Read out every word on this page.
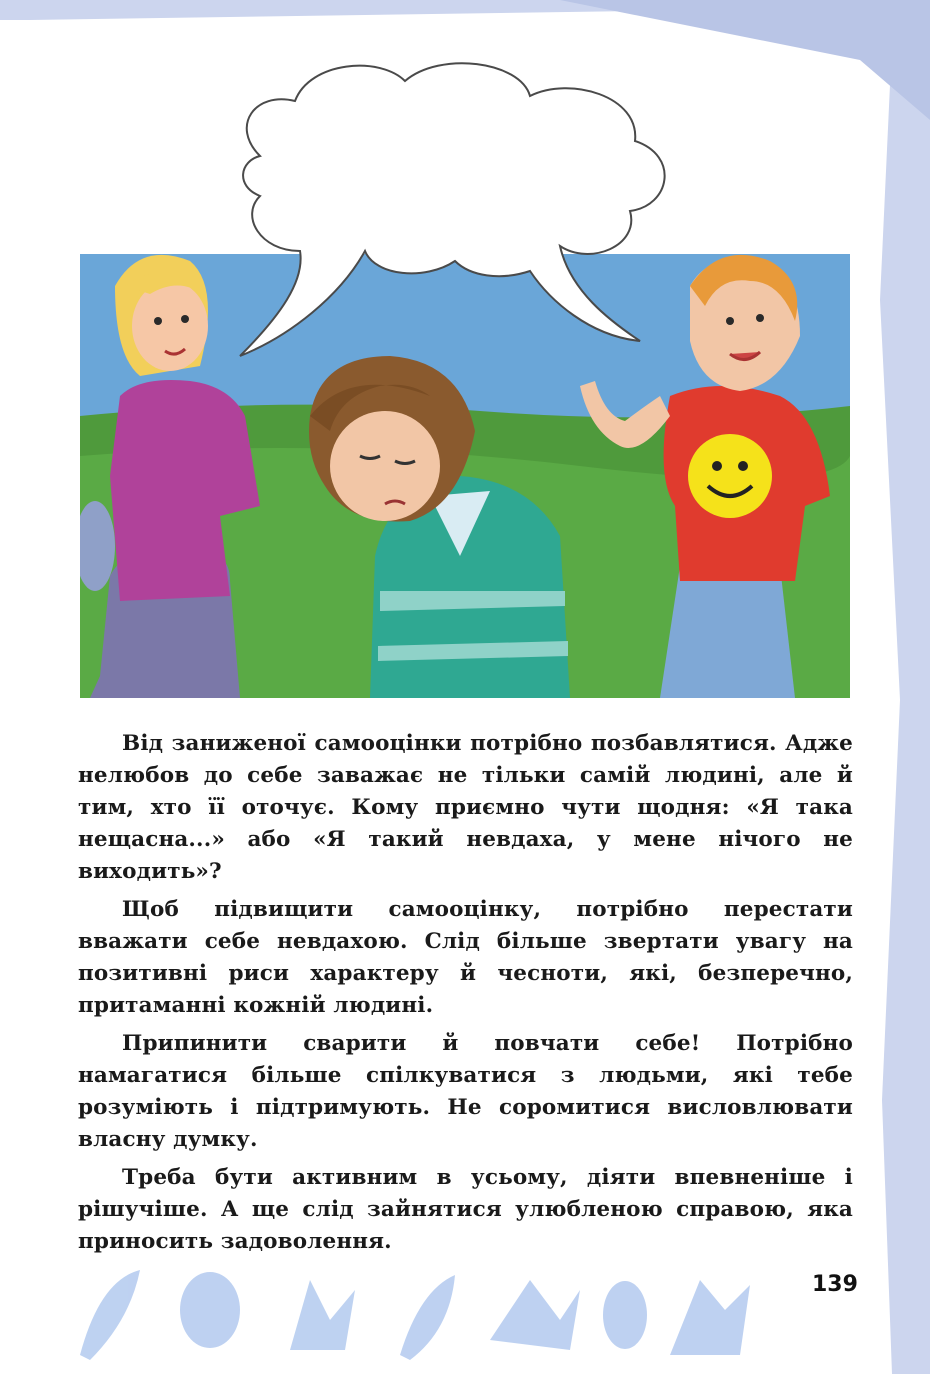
Від заниженої самооцінки потрібно позбавлятися. Адже нелюбов до себе заважає не тільки самій людині, але й тим, хто її оточує. Кому приємно чути щодня: «Я така нещасна...» або «Я такий невдаха, у мене нічого не виходить»?

Щоб підвищити самооцінку, потрібно перестати вважати себе невдахою. Слід більше звертати увагу на позитивні риси характеру й чесноти, які, безперечно, притаманні кожній людині.

Припинити сварити й повчати себе! Потрібно намагатися більше спілкуватися з людьми, які тебе розуміють і підтримують. Не соромитися висловлювати власну думку.

Треба бути активним в усьому, діяти впевненіше і рішучіше. А ще слід зайнятися улюбленою справою, яка приносить задоволення.

139
